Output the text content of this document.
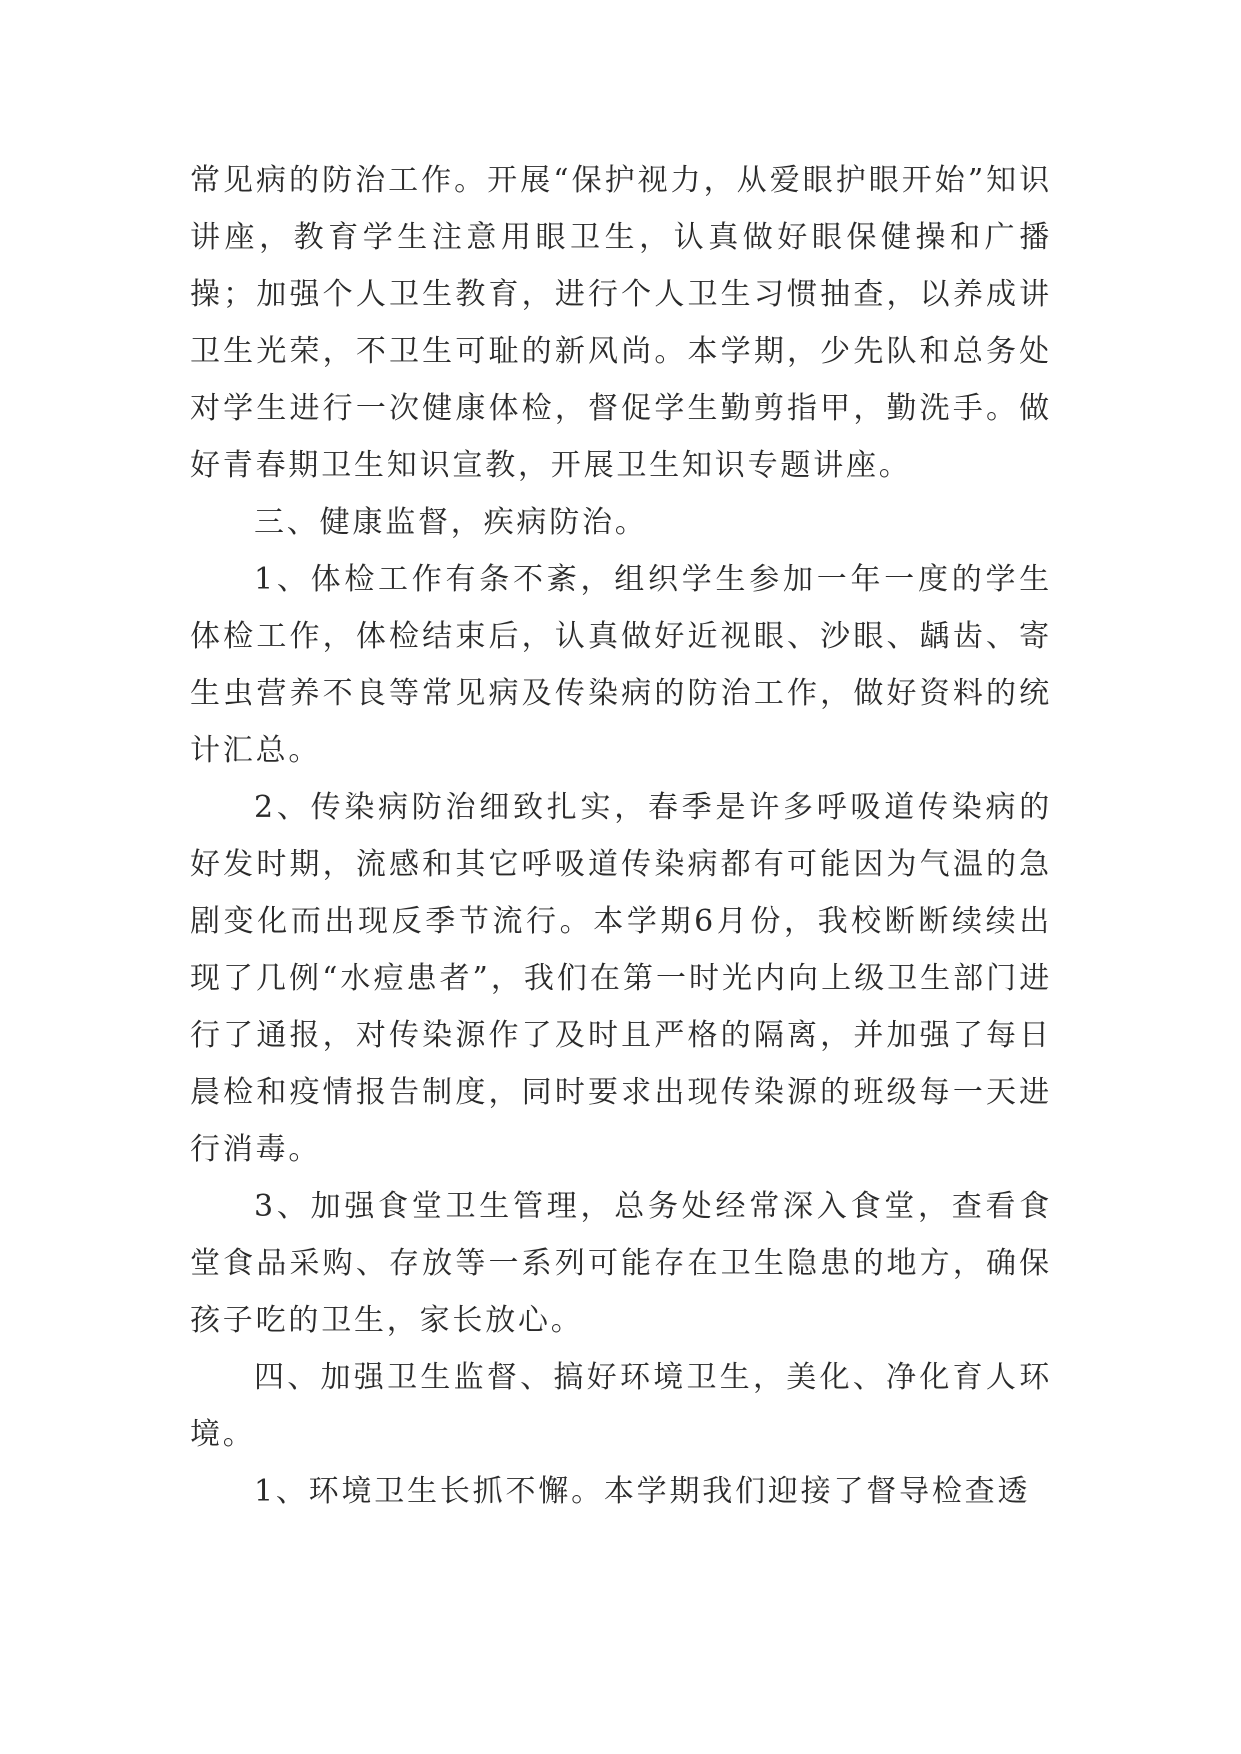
常见病的防治工作。开展“保护视力，从爱眼护眼开始”知识讲座，教育学生注意用眼卫生，认真做好眼保健操和广播操；加强个人卫生教育，进行个人卫生习惯抽查，以养成讲卫生光荣，不卫生可耻的新风尚。本学期，少先队和总务处对学生进行一次健康体检，督促学生勤剪指甲，勤洗手。做好青春期卫生知识宣教，开展卫生知识专题讲座。

三、健康监督，疾病防治。

1、体检工作有条不紊，组织学生参加一年一度的学生体检工作，体检结束后，认真做好近视眼、沙眼、龋齿、寄生虫营养不良等常见病及传染病的防治工作，做好资料的统计汇总。

2、传染病防治细致扎实，春季是许多呼吸道传染病的好发时期，流感和其它呼吸道传染病都有可能因为气温的急剧变化而出现反季节流行。本学期6月份，我校断断续续出现了几例“水痘患者”，我们在第一时光内向上级卫生部门进行了通报，对传染源作了及时且严格的隔离，并加强了每日晨检和疫情报告制度，同时要求出现传染源的班级每一天进行消毒。

3、加强食堂卫生管理，总务处经常深入食堂，查看食堂食品采购、存放等一系列可能存在卫生隐患的地方，确保孩子吃的卫生，家长放心。

四、加强卫生监督、搞好环境卫生，美化、净化育人环境。

1、环境卫生长抓不懈。本学期我们迎接了督导检查透
